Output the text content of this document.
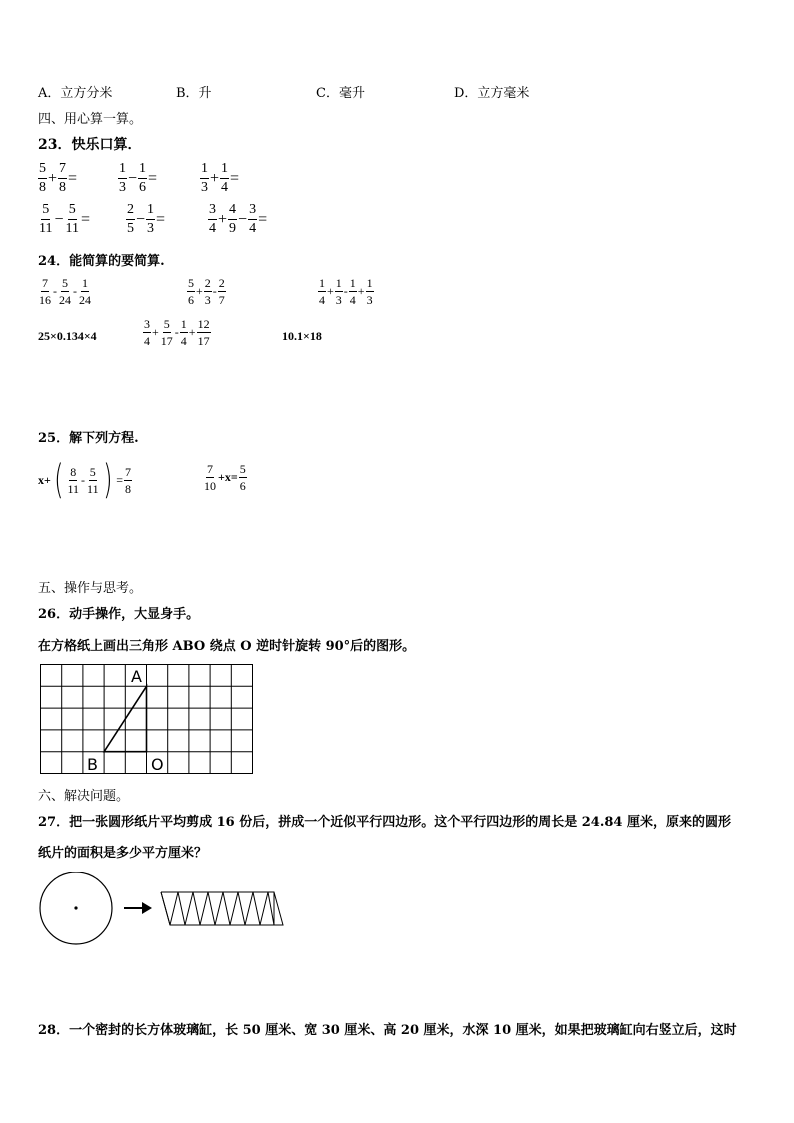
A．立方分米	B．升	C．毫升	D．立方毫米
四、用心算一算。
23．快乐口算．
$\frac{5}{8} + \frac{7}{8}$ =	$\frac{1}{3} - \frac{1}{6}$ =	$\frac{1}{3} + \frac{1}{4}$ =
$\frac{5}{11} - \frac{5}{11}$ =	$\frac{2}{5} - \frac{1}{3}$ =	$\frac{3}{4} + \frac{4}{9} - \frac{3}{4}$ =
24．能简算的要简算.
$\frac{7}{16} - \frac{5}{24} - \frac{1}{24}$	$\frac{5}{6} + \frac{2}{3} - \frac{2}{7}$	$\frac{1}{4} + \frac{1}{3} - \frac{1}{4} + \frac{1}{3}$
25×0.134×4	$\frac{3}{4} + \frac{5}{17} - \frac{1}{4} + \frac{12}{17}$	10.1×18
25．解下列方程.
x+ ( $\frac{8}{11} - \frac{5}{11}$ ) = $\frac{7}{8}$	$\frac{7}{10} +x= \frac{5}{6}$
五、操作与思考。
26．动手操作，大显身手。
在方格纸上画出三角形 ABO 绕点 O 逆时针旋转 90°后的图形。
A
B	O
六、解决问题。
27．把一张圆形纸片平均剪成 16 份后，拼成一个近似平行四边形。这个平行四边形的周长是 24.84 厘米，原来的圆形
纸片的面积是多少平方厘米？
28．一个密封的长方体玻璃缸，长 50 厘米、宽 30 厘米、高 20 厘米，水深 10 厘米，如果把玻璃缸向右竖立后，这时
